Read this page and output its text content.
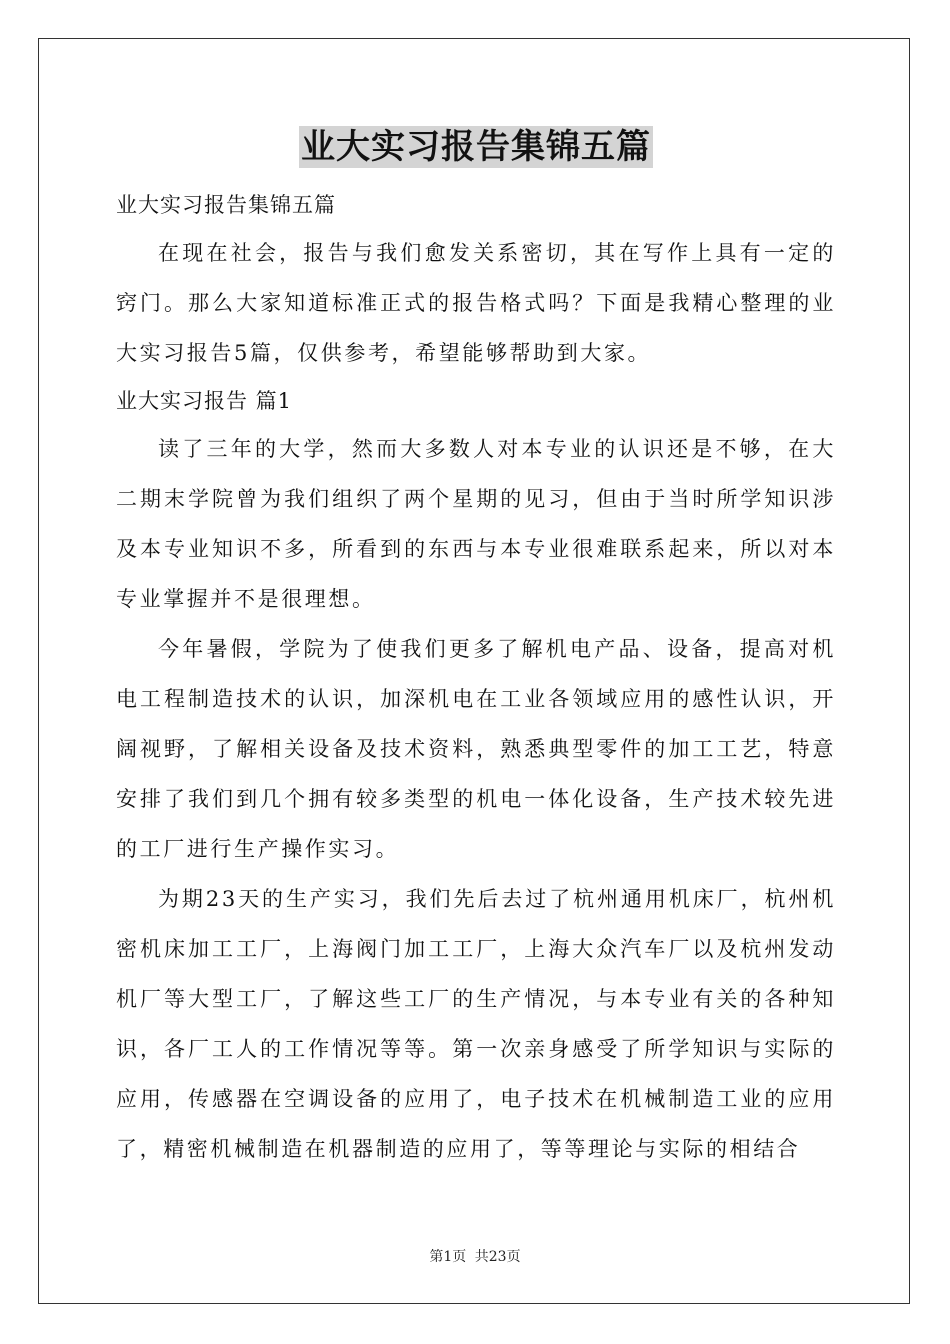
业大实习报告集锦五篇
业大实习报告集锦五篇

在现在社会，报告与我们愈发关系密切，其在写作上具有一定的窍门。那么大家知道标准正式的报告格式吗？下面是我精心整理的业大实习报告5篇，仅供参考，希望能够帮助到大家。

业大实习报告 篇1

读了三年的大学，然而大多数人对本专业的认识还是不够，在大二期末学院曾为我们组织了两个星期的见习，但由于当时所学知识涉及本专业知识不多，所看到的东西与本专业很难联系起来，所以对本专业掌握并不是很理想。

今年暑假，学院为了使我们更多了解机电产品、设备，提高对机电工程制造技术的认识，加深机电在工业各领域应用的感性认识，开阔视野，了解相关设备及技术资料，熟悉典型零件的加工工艺，特意安排了我们到几个拥有较多类型的机电一体化设备，生产技术较先进的工厂进行生产操作实习。

为期23天的生产实习，我们先后去过了杭州通用机床厂，杭州机密机床加工工厂，上海阀门加工工厂，上海大众汽车厂以及杭州发动机厂等大型工厂，了解这些工厂的生产情况，与本专业有关的各种知识，各厂工人的工作情况等等。第一次亲身感受了所学知识与实际的应用，传感器在空调设备的应用了，电子技术在机械制造工业的应用了，精密机械制造在机器制造的应用了，等等理论与实际的相结合

第1页 共23页
